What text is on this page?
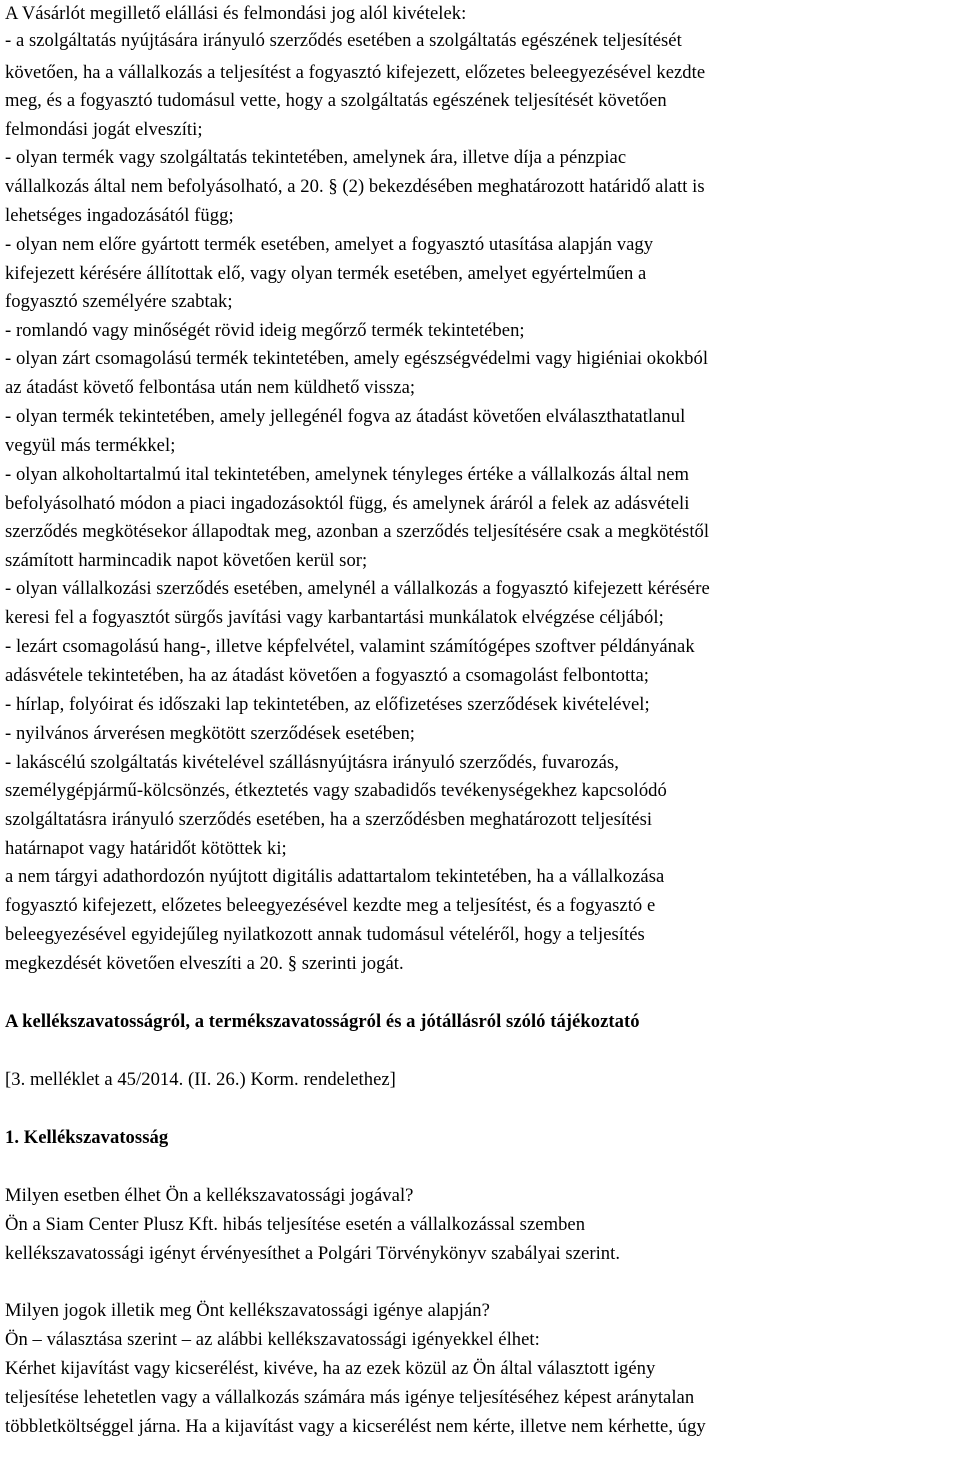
A Vásárlót megillető elállási és felmondási jog alól kivételek:
- a szolgáltatás nyújtására irányuló szerződés esetében a szolgáltatás egészének teljesítését
követően, ha a vállalkozás a teljesítést a fogyasztó kifejezett, előzetes beleegyezésével kezdte
meg, és a fogyasztó tudomásul vette, hogy a szolgáltatás egészének teljesítését követően
felmondási jogát elveszíti;
- olyan termék vagy szolgáltatás tekintetében, amelynek ára, illetve díja a pénzpiac
vállalkozás által nem befolyásolható, a 20. § (2) bekezdésében meghatározott határidő alatt is
lehetséges ingadozásától függ;
- olyan nem előre gyártott termék esetében, amelyet a fogyasztó utasítása alapján vagy
kifejezett kérésére állítottak elő, vagy olyan termék esetében, amelyet egyértelműen a
fogyasztó személyére szabtak;
- romlandó vagy minőségét rövid ideig megőrző termék tekintetében;
- olyan zárt csomagolású termék tekintetében, amely egészségvédelmi vagy higiéniai okokból
az átadást követő felbontása után nem küldhető vissza;
- olyan termék tekintetében, amely jellegénél fogva az átadást követően elválaszthatatlanul
vegyül más termékkel;
- olyan alkoholtartalmú ital tekintetében, amelynek tényleges értéke a vállalkozás által nem
befolyásolható módon a piaci ingadozásoktól függ, és amelynek áráról a felek az adásvételi
szerződés megkötésekor állapodtak meg, azonban a szerződés teljesítésére csak a megkötéstől
számított harmincadik napot követően kerül sor;
- olyan vállalkozási szerződés esetében, amelynél a vállalkozás a fogyasztó kifejezett kérésére
keresi fel a fogyasztót sürgős javítási vagy karbantartási munkálatok elvégzése céljából;
- lezárt csomagolású hang-, illetve képfelvétel, valamint számítógépes szoftver példányának
adásvétele tekintetében, ha az átadást követően a fogyasztó a csomagolást felbontotta;
- hírlap, folyóirat és időszaki lap tekintetében, az előfizetéses szerződések kivételével;
- nyilvános árverésen megkötött szerződések esetében;
- lakáscélú szolgáltatás kivételével szállásnyújtásra irányuló szerződés, fuvarozás,
személygépjármű-kölcsönzés, étkeztetés vagy szabadidős tevékenységekhez kapcsolódó
szolgáltatásra irányuló szerződés esetében, ha a szerződésben meghatározott teljesítési
határnapot vagy határidőt kötöttek ki;
a nem tárgyi adathordozón nyújtott digitális adattartalom tekintetében, ha a vállalkozása
fogyasztó kifejezett, előzetes beleegyezésével kezdte meg a teljesítést, és a fogyasztó e
beleegyezésével egyidejűleg nyilatkozott annak tudomásul vételéről, hogy a teljesítés
megkezdését követően elveszíti a 20. § szerinti jogát.
A kellékszavatosságról, a termékszavatosságról és a jótállásról szóló tájékoztató
[3. melléklet a 45/2014. (II. 26.) Korm. rendelethez]
1. Kellékszavatosság
Milyen esetben élhet Ön a kellékszavatossági jogával?
Ön a Siam Center Plusz Kft. hibás teljesítése esetén a vállalkozással szemben
kellékszavatossági igényt érvényesíthet a Polgári Törvénykönyv szabályai szerint.
Milyen jogok illetik meg Önt kellékszavatossági igénye alapján?
Ön – választása szerint – az alábbi kellékszavatossági igényekkel élhet:
Kérhet kijavítást vagy kicserélést, kivéve, ha az ezek közül az Ön által választott igény
teljesítése lehetetlen vagy a vállalkozás számára más igénye teljesítéséhez képest aránytalan
többletköltséggel járna. Ha a kijavítást vagy a kicserélést nem kérte, illetve nem kérhette, úgy
